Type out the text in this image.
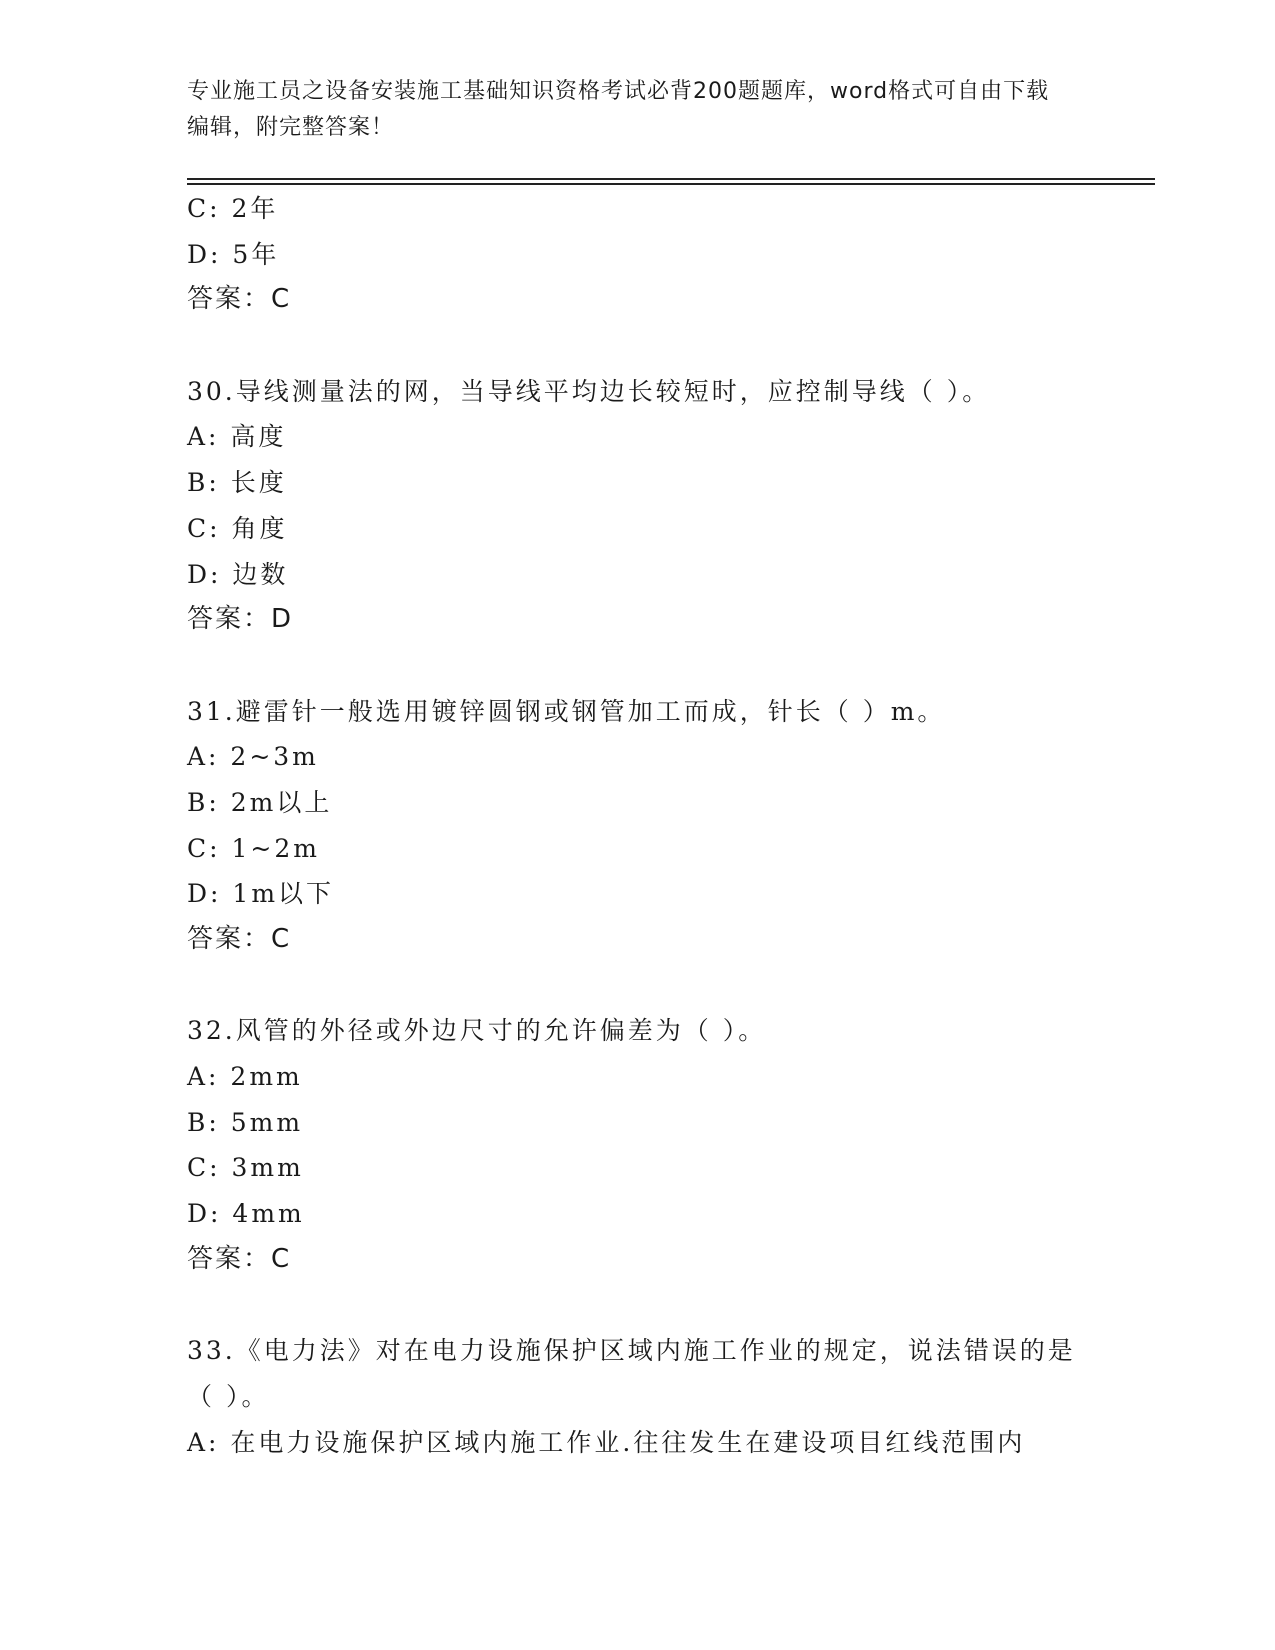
专业施工员之设备安装施工基础知识资格考试必背200题题库，word格式可自由下载编辑，附完整答案！
C: 2年
D: 5年
答案：C
30.导线测量法的网，当导线平均边长较短时，应控制导线（ ）。
A: 高度
B: 长度
C: 角度
D: 边数
答案：D
31.避雷针一般选用镀锌圆钢或钢管加工而成，针长（ ）m。
A: 2~3m
B: 2m以上
C: 1~2m
D: 1m以下
答案：C
32.风管的外径或外边尺寸的允许偏差为（ ）。
A: 2mm
B: 5mm
C: 3mm
D: 4mm
答案：C
33.《电力法》对在电力设施保护区域内施工作业的规定，说法错误的是（ ）。
A: 在电力设施保护区域内施工作业.往往发生在建设项目红线范围内
